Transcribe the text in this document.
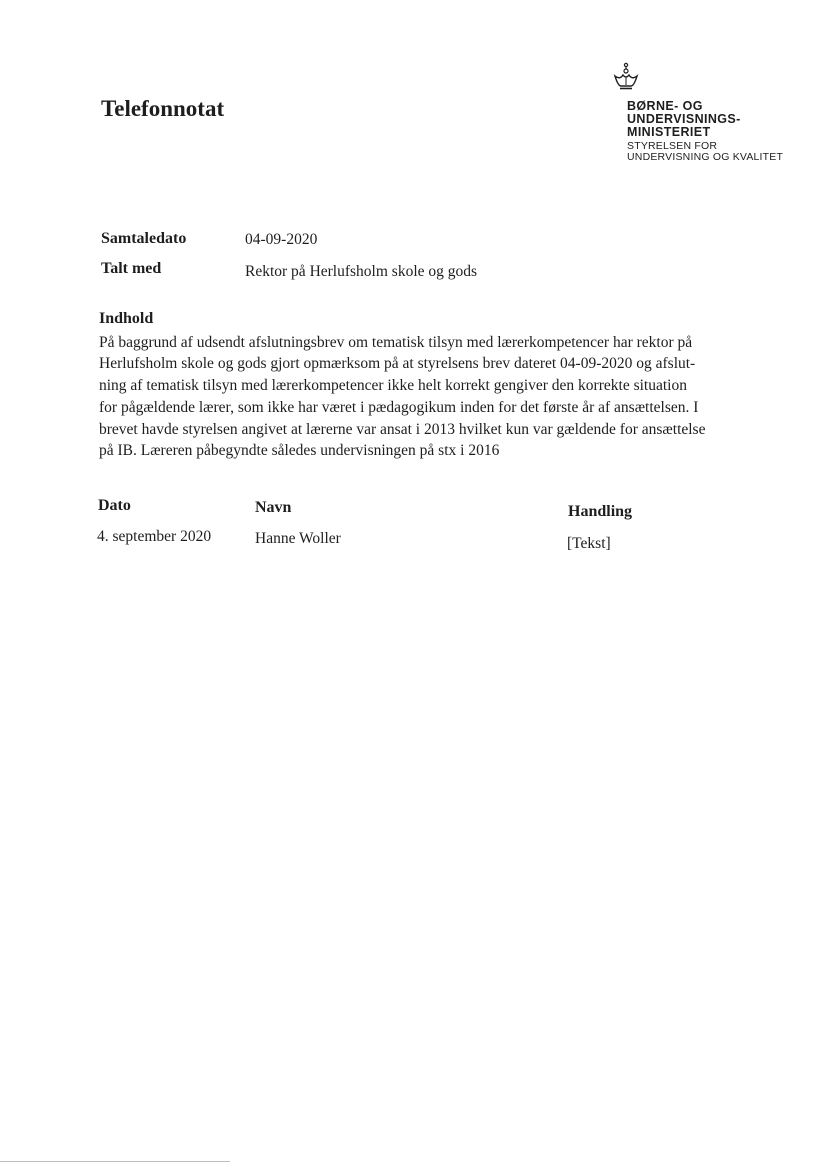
Telefonnotat	BØRNE- OG
UNDERVISNINGS-
MINISTERIET
STYRELSEN FOR
UNDERVISNING OG KVALITET
Samtaledato	04-09-2020
Talt med	Rektor på Herlufsholm skole og gods
Indhold
På baggrund af udsendt afslutningsbrev om tematisk tilsyn med lærerkompetencer har rektor på
Herlufsholm skole og gods gjort opmærksom på at styrelsens brev dateret 04-09-2020 og afslut-
ning af tematisk tilsyn med lærerkompetencer ikke helt korrekt gengiver den korrekte situation
for pågældende lærer, som ikke har været i pædagogikum inden for det første år af ansættelsen. I
brevet havde styrelsen angivet at lærerne var ansat i 2013 hvilket kun var gældende for ansættelse
på IB. Læreren påbegyndte således undervisningen på stx i 2016
Dato	Navn	Handling
4. september 2020	Hanne Woller	[Tekst]
